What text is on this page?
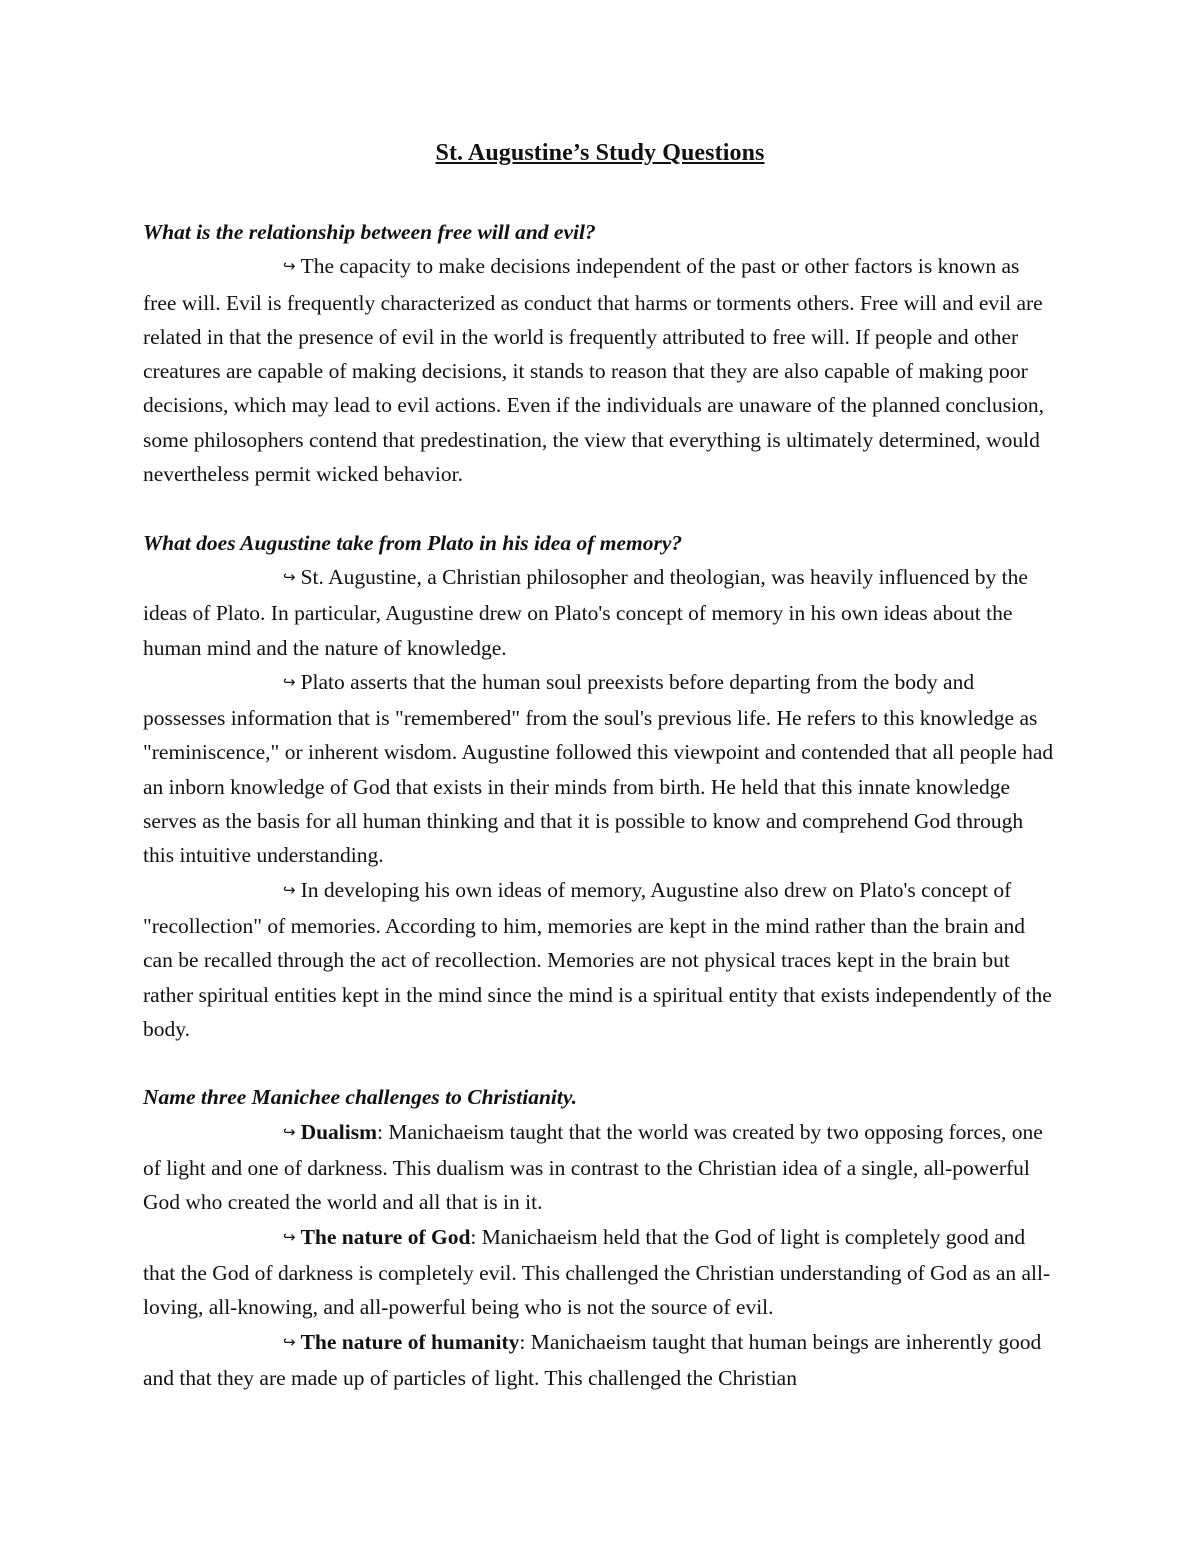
St. Augustine’s Study Questions

What is the relationship between free will and evil?

↪ The capacity to make decisions independent of the past or other factors is known as free will. Evil is frequently characterized as conduct that harms or torments others. Free will and evil are related in that the presence of evil in the world is frequently attributed to free will. If people and other creatures are capable of making decisions, it stands to reason that they are also capable of making poor decisions, which may lead to evil actions. Even if the individuals are unaware of the planned conclusion, some philosophers contend that predestination, the view that everything is ultimately determined, would nevertheless permit wicked behavior.

What does Augustine take from Plato in his idea of memory?

↪ St. Augustine, a Christian philosopher and theologian, was heavily influenced by the ideas of Plato. In particular, Augustine drew on Plato's concept of memory in his own ideas about the human mind and the nature of knowledge.

↪ Plato asserts that the human soul preexists before departing from the body and possesses information that is "remembered" from the soul's previous life. He refers to this knowledge as "reminiscence," or inherent wisdom. Augustine followed this viewpoint and contended that all people had an inborn knowledge of God that exists in their minds from birth. He held that this innate knowledge serves as the basis for all human thinking and that it is possible to know and comprehend God through this intuitive understanding.

↪ In developing his own ideas of memory, Augustine also drew on Plato's concept of "recollection" of memories. According to him, memories are kept in the mind rather than the brain and can be recalled through the act of recollection. Memories are not physical traces kept in the brain but rather spiritual entities kept in the mind since the mind is a spiritual entity that exists independently of the body.

Name three Manichee challenges to Christianity.

↪ Dualism: Manichaeism taught that the world was created by two opposing forces, one of light and one of darkness. This dualism was in contrast to the Christian idea of a single, all-powerful God who created the world and all that is in it.

↪ The nature of God: Manichaeism held that the God of light is completely good and that the God of darkness is completely evil. This challenged the Christian understanding of God as an all-loving, all-knowing, and all-powerful being who is not the source of evil.

↪ The nature of humanity: Manichaeism taught that human beings are inherently good and that they are made up of particles of light. This challenged the Christian
